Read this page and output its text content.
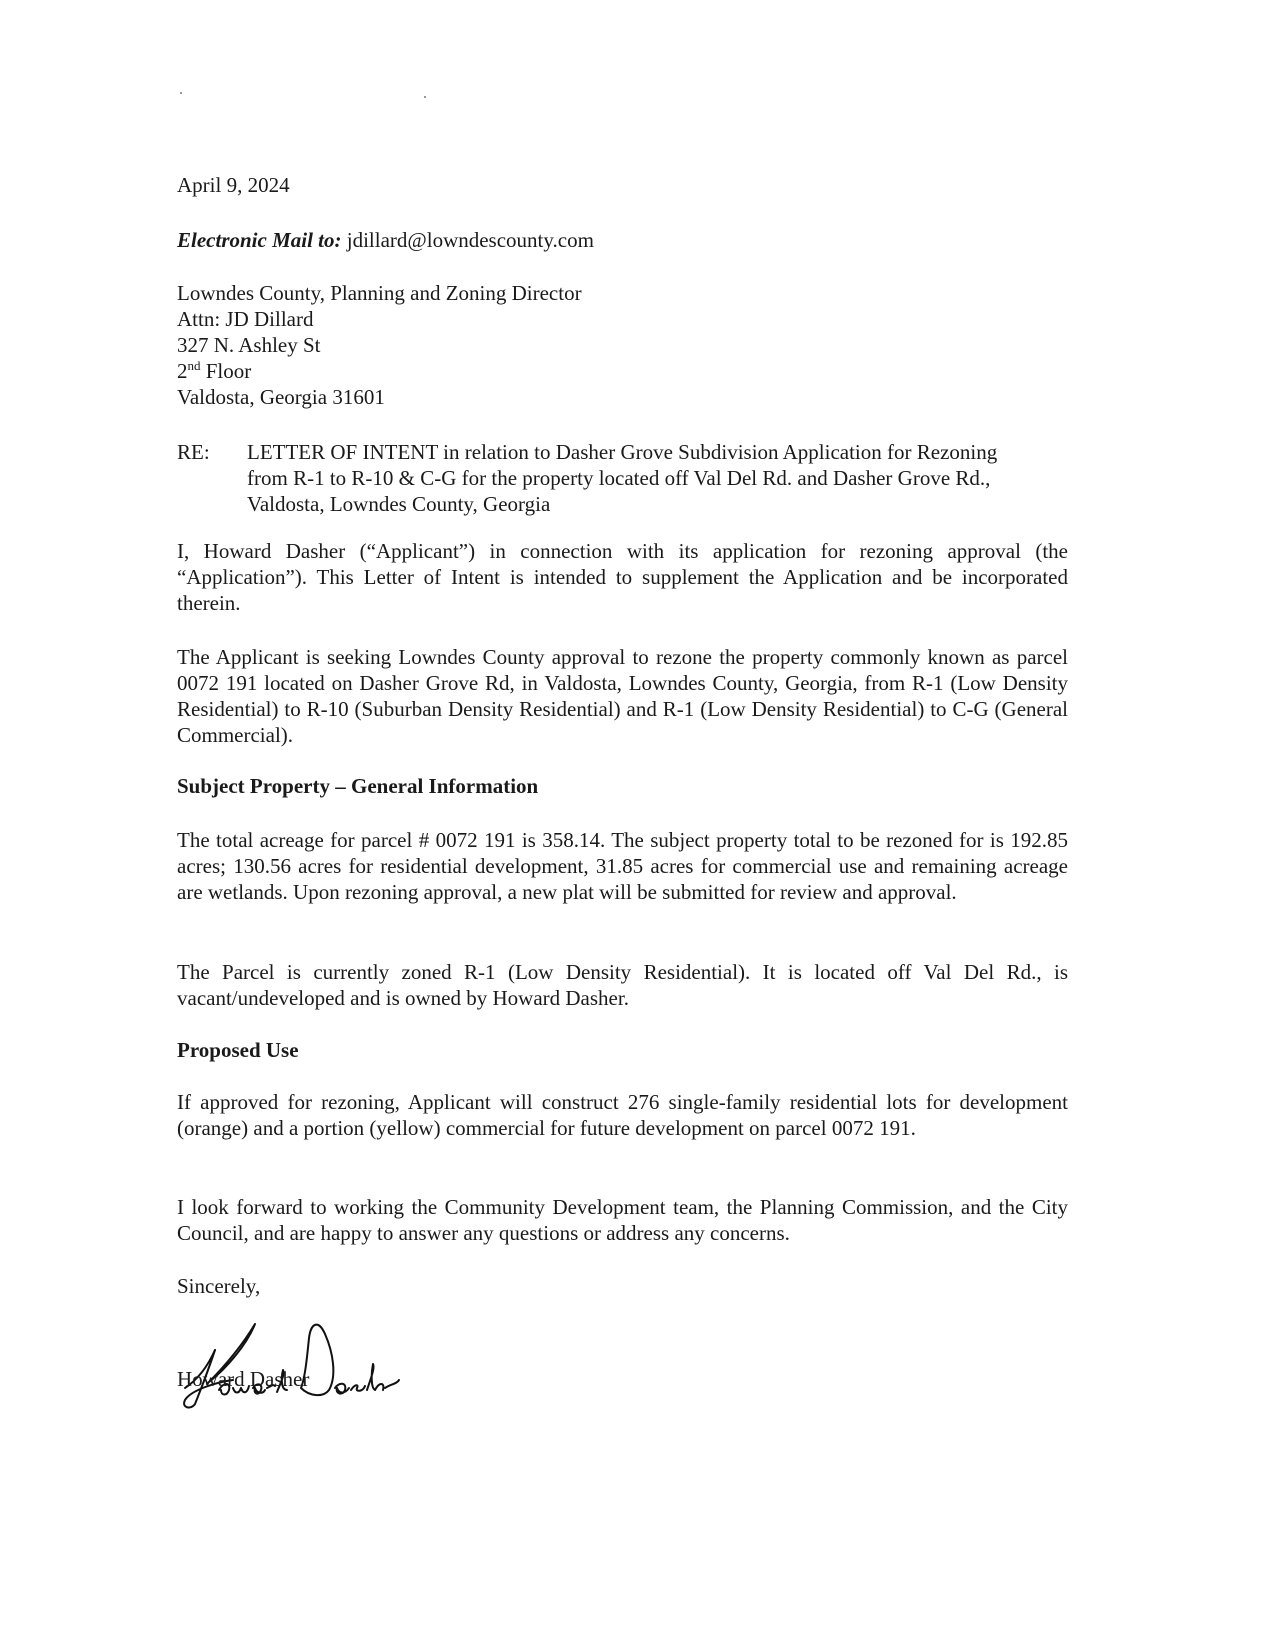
April 9, 2024
Electronic Mail to: jdillard@lowndescounty.com
Lowndes County, Planning and Zoning Director
Attn: JD Dillard
327 N. Ashley St
2nd Floor
Valdosta, Georgia 31601
RE: LETTER OF INTENT in relation to Dasher Grove Subdivision Application for Rezoning
from R-1 to R-10 & C-G for the property located off Val Del Rd. and Dasher Grove Rd.,
Valdosta, Lowndes County, Georgia
I, Howard Dasher (“Applicant”) in connection with its application for rezoning approval (the “Application”). This Letter of Intent is intended to supplement the Application and be incorporated therein.
The Applicant is seeking Lowndes County approval to rezone the property commonly known as parcel 0072 191 located on Dasher Grove Rd, in Valdosta, Lowndes County, Georgia, from R-1 (Low Density Residential) to R-10 (Suburban Density Residential) and R-1 (Low Density Residential) to C-G (General Commercial).
Subject Property – General Information
The total acreage for parcel # 0072 191 is 358.14. The subject property total to be rezoned for is 192.85 acres; 130.56 acres for residential development, 31.85 acres for commercial use and remaining acreage are wetlands. Upon rezoning approval, a new plat will be submitted for review and approval.
The Parcel is currently zoned R-1 (Low Density Residential). It is located off Val Del Rd., is vacant/undeveloped and is owned by Howard Dasher.
Proposed Use
If approved for rezoning, Applicant will construct 276 single-family residential lots for development (orange) and a portion (yellow) commercial for future development on parcel 0072 191.
I look forward to working the Community Development team, the Planning Commission, and the City Council, and are happy to answer any questions or address any concerns.
Sincerely,
Howard Dasher
